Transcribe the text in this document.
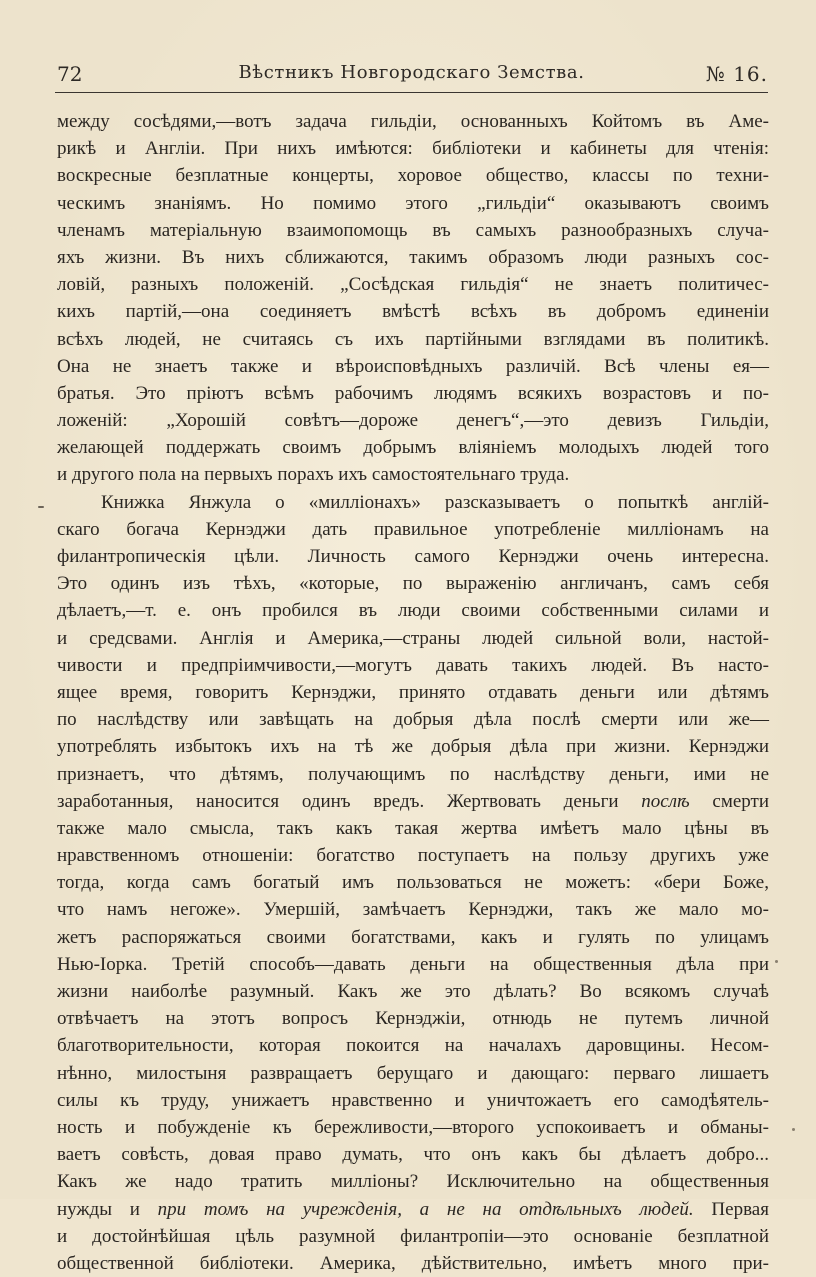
72	Вѣстникъ Новгородскаго Земства.	№ 16.
между сосѣдями,—вотъ задача гильдіи, основанныхъ Койтомъ въ Аме-
рикѣ и Англіи. При нихъ имѣются: библіотеки и кабинеты для чтенія:
воскресные безплатные концерты, хоровое общество, классы по техни-
ческимъ знаніямъ. Но помимо этого „гильдіи“ оказываютъ своимъ
членамъ матеріальную взаимопомощь въ самыхъ разнообразныхъ случа-
яхъ жизни. Въ нихъ сближаются, такимъ образомъ люди разныхъ сос-
ловій, разныхъ положеній. „Сосѣдская гильдія“ не знаетъ политичес-
кихъ партій,—она соединяетъ вмѣстѣ всѣхъ въ добромъ единеніи
всѣхъ людей, не считаясь съ ихъ партійными взглядами въ политикѣ.
Она не знаетъ также и вѣроисповѣдныхъ различій. Всѣ члены ея—
братья. Это пріютъ всѣмъ рабочимъ людямъ всякихъ возрастовъ и по-
ложеній: „Хорошій совѣтъ—дороже денегъ“,—это девизъ Гильдіи,
желающей поддержать своимъ добрымъ вліяніемъ молодыхъ людей того
и другого пола на первыхъ порахъ ихъ самостоятельнаго труда.
Книжка Янжула о «милліонахъ» разсказываетъ о попыткѣ англій-
скаго богача Кернэджи дать правильное употребленіе милліонамъ на
филантропическія цѣли. Личность самого Кернэджи очень интересна.
Это одинъ изъ тѣхъ, «которые, по выраженію англичанъ, самъ себя
дѣлаетъ,—т. е. онъ пробился въ люди своими собственными силами и
и средсвами. Англія и Америка,—страны людей сильной воли, настой-
чивости и предпріимчивости,—могутъ давать такихъ людей. Въ насто-
ящее время, говоритъ Кернэджи, принято отдавать деньги или дѣтямъ
по наслѣдству или завѣщать на добрыя дѣла послѣ смерти или же—
употреблять избытокъ ихъ на тѣ же добрыя дѣла при жизни. Кернэджи
признаетъ, что дѣтямъ, получающимъ по наслѣдству деньги, ими не
заработанныя, наносится одинъ вредъ. Жертвовать деньги послѣ смерти
также мало смысла, такъ какъ такая жертва имѣетъ мало цѣны въ
нравственномъ отношеніи: богатство поступаетъ на пользу другихъ уже
тогда, когда самъ богатый имъ пользоваться не можетъ: «бери Боже,
что намъ негоже». Умершій, замѣчаетъ Кернэджи, такъ же мало мо-
жетъ распоряжаться своими богатствами, какъ и гулять по улицамъ
Нью-Іорка. Третій способъ—давать деньги на общественныя дѣла при
жизни наиболѣе разумный. Какъ же это дѣлать? Во всякомъ случаѣ
отвѣчаетъ на этотъ вопросъ Кернэджіи, отнюдь не путемъ личной
благотворительности, которая покоится на началахъ даровщины. Несом-
нѣнно, милостыня развращаетъ берущаго и дающаго: перваго лишаетъ
силы къ труду, унижаетъ нравственно и уничтожаетъ его самодѣятель-
ность и побужденіе къ бережливости,—второго успокоиваетъ и обманы-
ваетъ совѣсть, довая право думать, что онъ какъ бы дѣлаетъ добро...
Какъ же надо тратить милліоны? Исключительно на общественныя
нужды и при томъ на учрежденія, а не на отдѣльныхъ людей. Первая
и достойнѣйшая цѣль разумной филантропіи—это основаніе безплатной
общественной библіотеки. Америка, дѣйствительно, имѣетъ много при-
